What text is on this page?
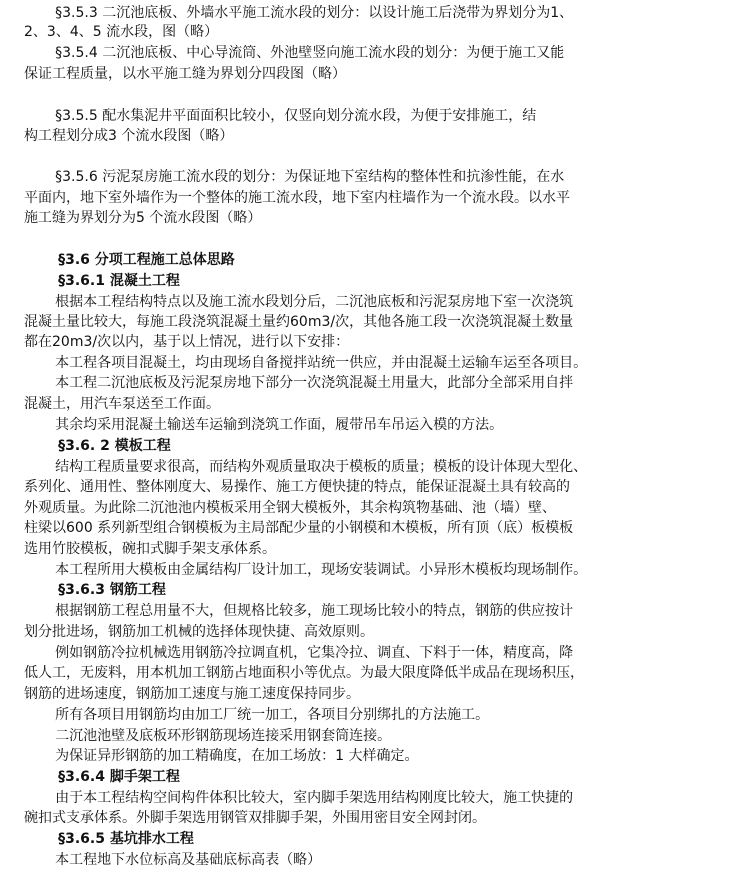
§3.5.3 二沉池底板、外墙水平施工流水段的划分：以设计施工后浇带为界划分为1、
2、3、4、5 流水段，图（略）
§3.5.4 二沉池底板、中心导流筒、外池壁竖向施工流水段的划分：为便于施工又能
保证工程质量，以水平施工缝为界划分四段图（略）
§3.5.5 配水集泥井平面面积比较小，仅竖向划分流水段，为便于安排施工，结
构工程划分成3 个流水段图（略）
§3.5.6 污泥泵房施工流水段的划分：为保证地下室结构的整体性和抗渗性能，在水
平面内，地下室外墙作为一个整体的施工流水段，地下室内柱墙作为一个流水段。以水平
施工缝为界划分为5 个流水段图（略）
§3.6 分项工程施工总体思路
§3.6.1 混凝土工程
根据本工程结构特点以及施工流水段划分后，二沉池底板和污泥泵房地下室一次浇筑
混凝土量比较大，每施工段浇筑混凝土量约60m3/次，其他各施工段一次浇筑混凝土数量
都在20m3/次以内，基于以上情况，进行以下安排：
本工程各项目混凝土，均由现场自备搅拌站统一供应，并由混凝土运输车运至各项目。
本工程二沉池底板及污泥泵房地下部分一次浇筑混凝土用量大，此部分全部采用自拌
混凝土，用汽车泵送至工作面。
其余均采用混凝土输送车运输到浇筑工作面，履带吊车吊运入模的方法。
§3.6. 2 模板工程
结构工程质量要求很高，而结构外观质量取决于模板的质量；模板的设计体现大型化、
系列化、通用性、整体刚度大、易操作、施工方便快捷的特点，能保证混凝土具有较高的
外观质量。为此除二沉池池内模板采用全钢大模板外，其余构筑物基础、池（墙）壁、
柱梁以600 系列新型组合钢模板为主局部配少量的小钢模和木模板，所有顶（底）板模板
选用竹胶模板，碗扣式脚手架支承体系。
本工程所用大模板由金属结构厂设计加工，现场安装调试。小异形木模板均现场制作。
§3.6.3 钢筋工程
根据钢筋工程总用量不大，但规格比较多，施工现场比较小的特点，钢筋的供应按计
划分批进场，钢筋加工机械的选择体现快捷、高效原则。
例如钢筋冷拉机械选用钢筋冷拉调直机，它集冷拉、调直、下料于一体，精度高，降
低人工，无废料，用本机加工钢筋占地面积小等优点。为最大限度降低半成品在现场积压，
钢筋的进场速度，钢筋加工速度与施工速度保持同步。
所有各项目用钢筋均由加工厂统一加工，各项目分别绑扎的方法施工。
二沉池池壁及底板环形钢筋现场连接采用钢套筒连接。
为保证异形钢筋的加工精确度，在加工场放：1 大样确定。
§3.6.4 脚手架工程
由于本工程结构空间构件体积比较大，室内脚手架选用结构刚度比较大，施工快捷的
碗扣式支承体系。外脚手架选用钢管双排脚手架，外围用密目安全网封闭。
§3.6.5 基坑排水工程
本工程地下水位标高及基础底标高表（略）
